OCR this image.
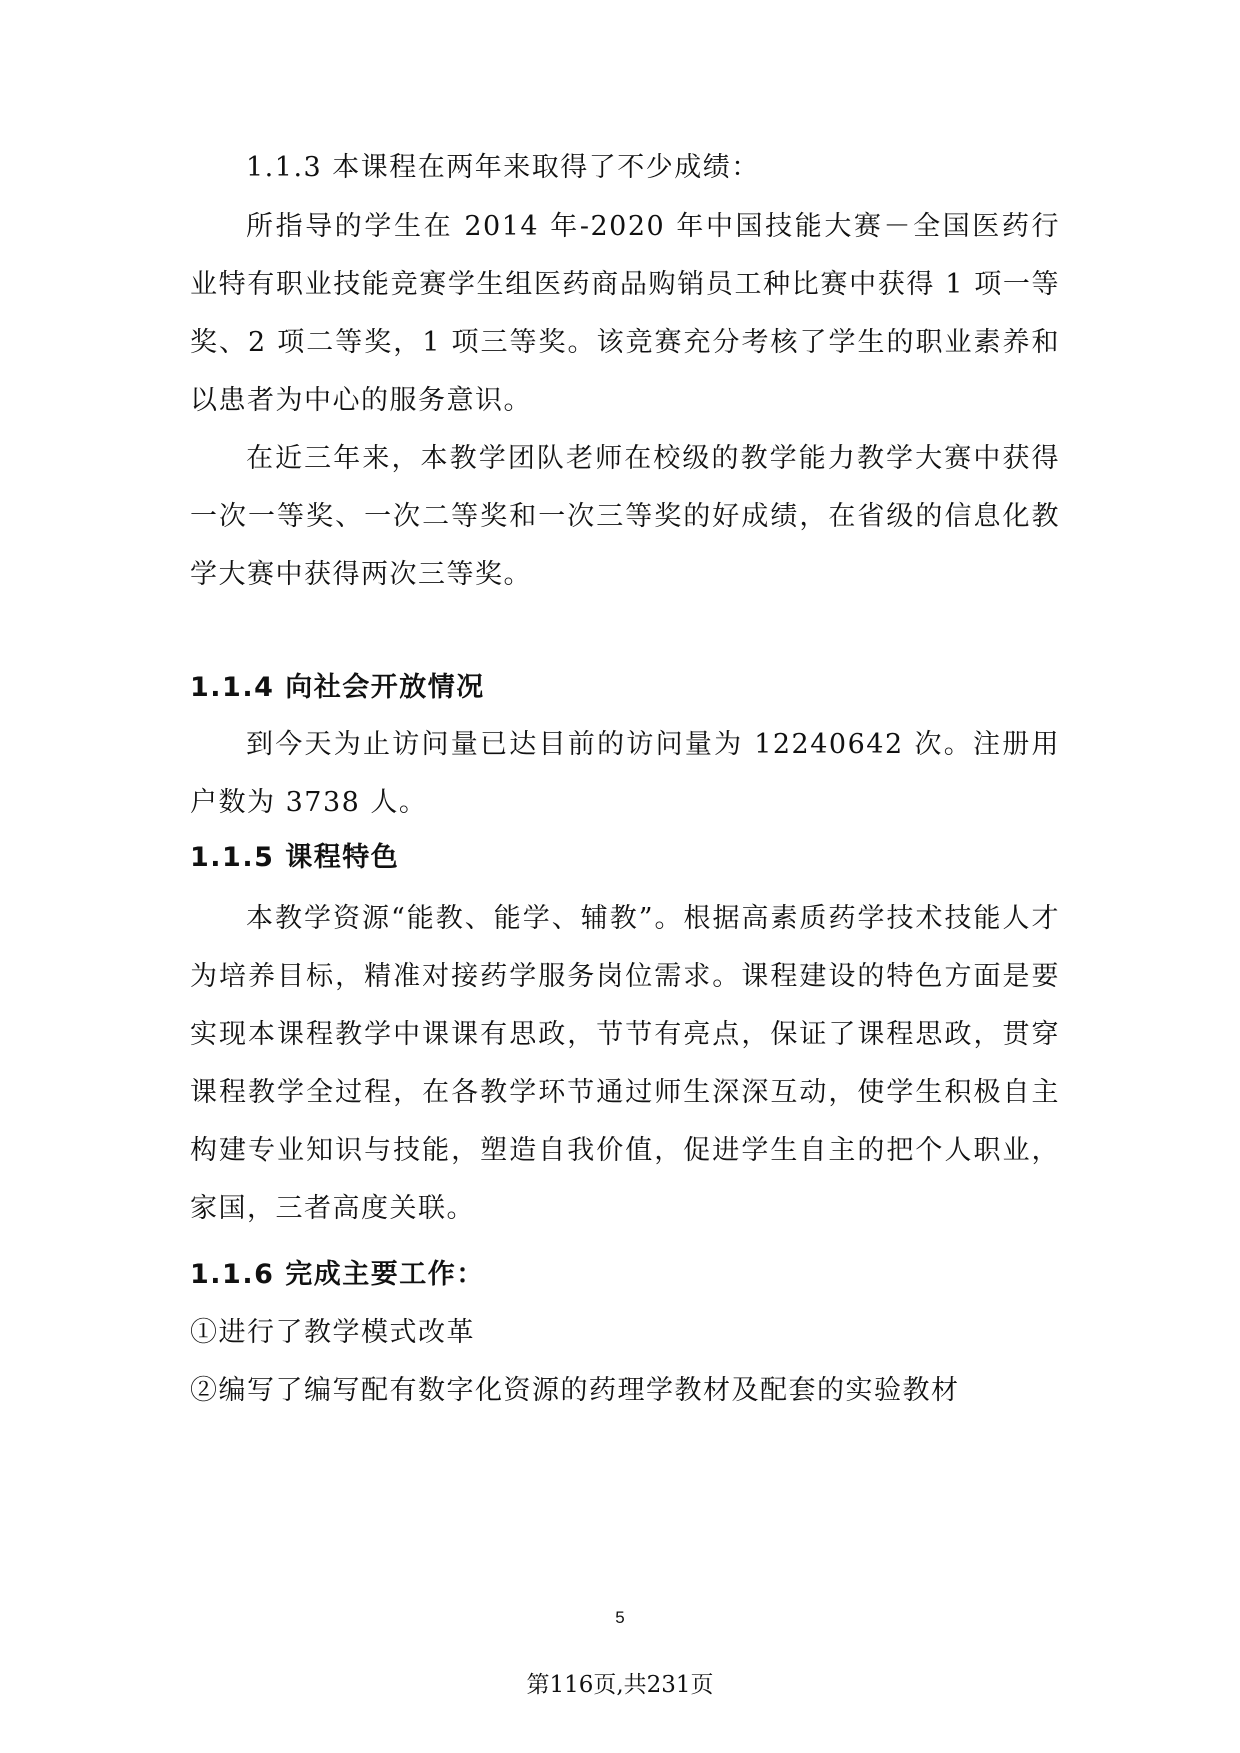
1.1.3 本课程在两年来取得了不少成绩：

所指导的学生在 2014 年-2020 年中国技能大赛－全国医药行业特有职业技能竞赛学生组医药商品购销员工种比赛中获得 1 项一等奖、2 项二等奖，1 项三等奖。该竞赛充分考核了学生的职业素养和以患者为中心的服务意识。

在近三年来，本教学团队老师在校级的教学能力教学大赛中获得一次一等奖、一次二等奖和一次三等奖的好成绩，在省级的信息化教学大赛中获得两次三等奖。

1.1.4 向社会开放情况

到今天为止访问量已达目前的访问量为 12240642 次。注册用户数为 3738 人。

1.1.5 课程特色

本教学资源“能教、能学、辅教”。根据高素质药学技术技能人才为培养目标，精准对接药学服务岗位需求。课程建设的特色方面是要实现本课程教学中课课有思政，节节有亮点，保证了课程思政，贯穿课程教学全过程，在各教学环节通过师生深深互动，使学生积极自主构建专业知识与技能，塑造自我价值，促进学生自主的把个人职业，家国，三者高度关联。

1.1.6 完成主要工作：

①进行了教学模式改革

②编写了编写配有数字化资源的药理学教材及配套的实验教材

5
第116页,共231页
